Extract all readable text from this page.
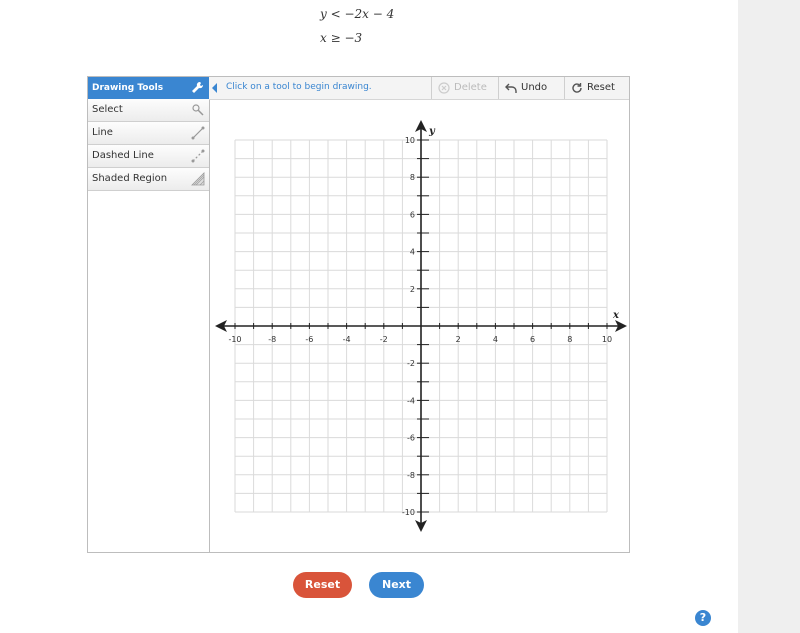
y < −2x − 4
x ≥ −3
Drawing Tools
Select
Line
Dashed Line
Shaded Region
Click on a tool to begin drawing.	Delete	Undo	Reset
-10	-8	-6	-4	-2	2	4	6	8	10
10
8
6
4
2
-2
-4
-6
-8
-10
x
y
?
Reset	Next
